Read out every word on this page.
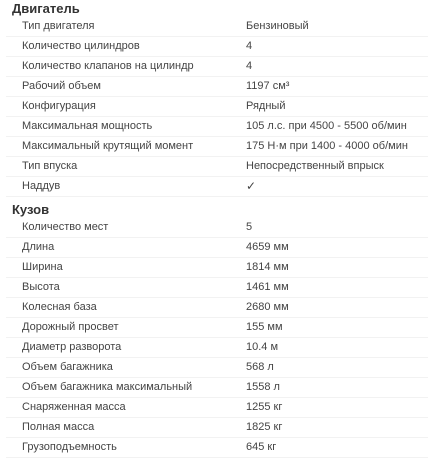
Двигатель
Тип двигателя	Бензиновый
Количество цилиндров	4
Количество клапанов на цилиндр	4
Рабочий объем	1197 см³
Конфигурация	Рядный
Максимальная мощность	105 л.с. при 4500 - 5500 об/мин
Максимальный крутящий момент	175 Н·м при 1400 - 4000 об/мин
Тип впуска	Непосредственный впрыск
Наддув	✓
Кузов
Количество мест	5
Длина	4659 мм
Ширина	1814 мм
Высота	1461 мм
Колесная база	2680 мм
Дорожный просвет	155 мм
Диаметр разворота	10.4 м
Объем багажника	568 л
Объем багажника максимальный	1558 л
Снаряженная масса	1255 кг
Полная масса	1825 кг
Грузоподъемность	645 кг
